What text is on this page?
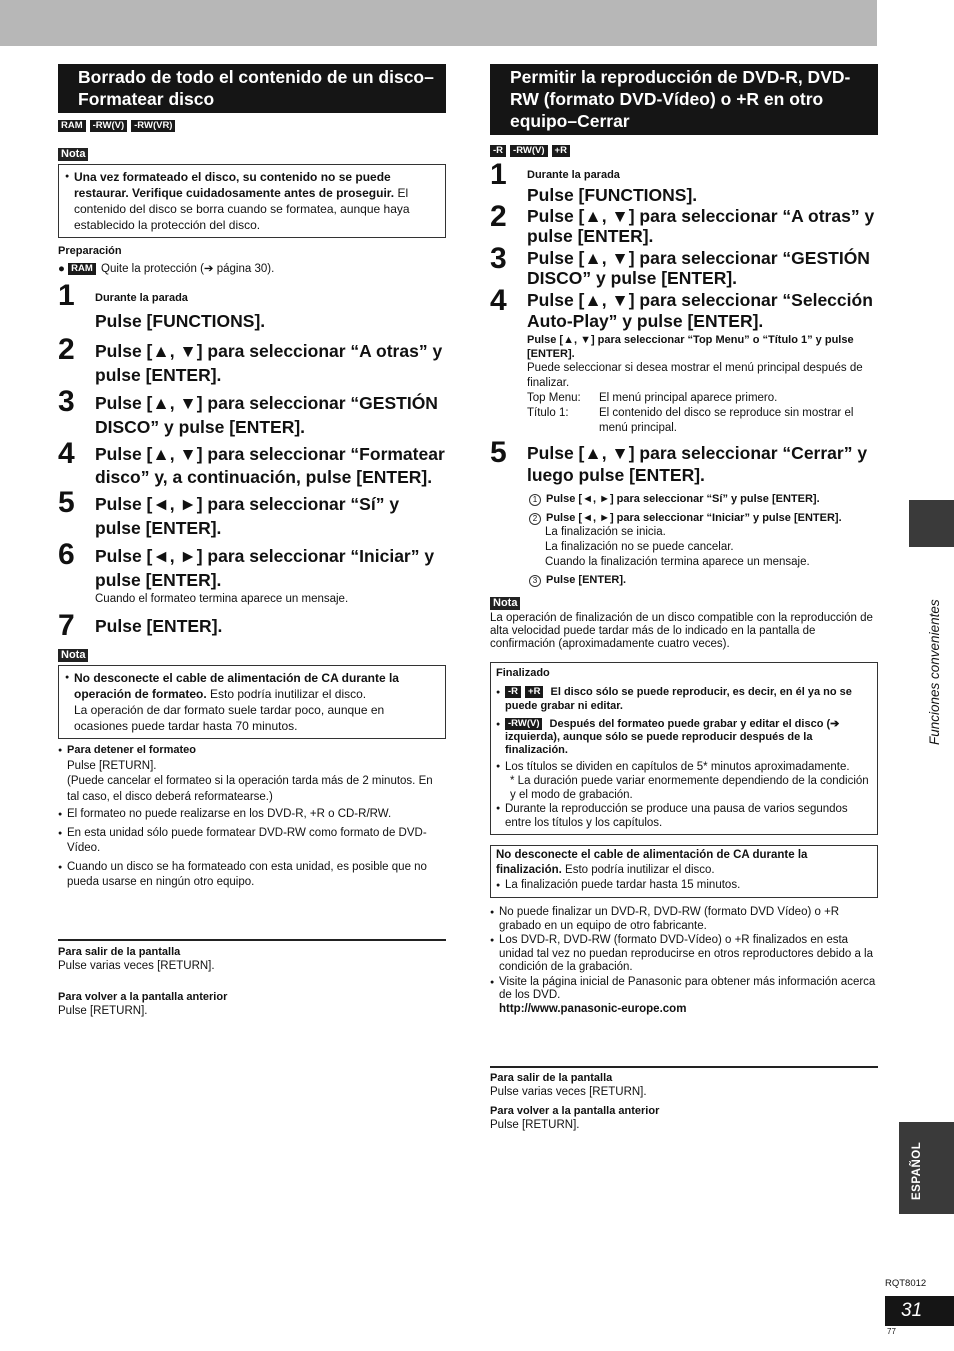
Borrado de todo el contenido de un disco–Formatear disco
RAM -RW(V) -RW(VR)
Nota
● Una vez formateado el disco, su contenido no se puede restaurar. Verifique cuidadosamente antes de proseguir. El contenido del disco se borra cuando se formatea, aunque haya establecido la protección del disco.
Preparación
● RAM Quite la protección (➔ página 30).
1 Durante la parada
Pulse [FUNCTIONS].
2 Pulse [▲, ▼] para seleccionar “A otras” y pulse [ENTER].
3 Pulse [▲, ▼] para seleccionar “GESTIÓN DISCO” y pulse [ENTER].
4 Pulse [▲, ▼] para seleccionar “Formatear disco” y, a continuación, pulse [ENTER].
5 Pulse [◄, ►] para seleccionar “Sí” y pulse [ENTER].
6 Pulse [◄, ►] para seleccionar “Iniciar” y pulse [ENTER].
Cuando el formateo termina aparece un mensaje.
7 Pulse [ENTER].
Nota
● No desconecte el cable de alimentación de CA durante la operación de formateo. Esto podría inutilizar el disco.
La operación de dar formato suele tardar poco, aunque en ocasiones puede tardar hasta 70 minutos.
● Para detener el formateo
Pulse [RETURN].
(Puede cancelar el formateo si la operación tarda más de 2 minutos. En tal caso, el disco deberá reformatearse.)
● El formateo no puede realizarse en los DVD-R, +R o CD-R/RW.
● En esta unidad sólo puede formatear DVD-RW como formato de DVD-Vídeo.
● Cuando un disco se ha formateado con esta unidad, es posible que no pueda usarse en ningún otro equipo.
Para salir de la pantalla
Pulse varias veces [RETURN].
Para volver a la pantalla anterior
Pulse [RETURN].
Permitir la reproducción de DVD-R, DVD-RW (formato DVD-Vídeo) o +R en otro equipo–Cerrar
-R -RW(V) +R
1 Durante la parada
Pulse [FUNCTIONS].
2 Pulse [▲, ▼] para seleccionar “A otras” y pulse [ENTER].
3 Pulse [▲, ▼] para seleccionar “GESTIÓN DISCO” y pulse [ENTER].
4 Pulse [▲, ▼] para seleccionar “Selección Auto-Play” y pulse [ENTER].
Pulse [▲, ▼] para seleccionar “Top Menu” o “Título 1” y pulse [ENTER].
Puede seleccionar si desea mostrar el menú principal después de finalizar.
Top Menu: El menú principal aparece primero.
Título 1:	El contenido del disco se reproduce sin mostrar el menú principal.
5 Pulse [▲, ▼] para seleccionar “Cerrar” y luego pulse [ENTER].
1 Pulse [◄, ►] para seleccionar “Sí” y pulse [ENTER].
2 Pulse [◄, ►] para seleccionar “Iniciar” y pulse [ENTER].
La finalización se inicia.
La finalización no se puede cancelar.
Cuando la finalización termina aparece un mensaje.
3 Pulse [ENTER].
Nota
La operación de finalización de un disco compatible con la reproducción de alta velocidad puede tardar más de lo indicado en la pantalla de confirmación (aproximadamente cuatro veces).
Finalizado
● -R +R El disco sólo se puede reproducir, es decir, en él ya no se puede grabar ni editar.
● -RW(V) Después del formateo puede grabar y editar el disco (➔ izquierda), aunque sólo se puede reproducir después de la finalización.
● Los títulos se dividen en capítulos de 5* minutos aproximadamente.
* La duración puede variar enormemente dependiendo de la condición y el modo de grabación.
● Durante la reproducción se produce una pausa de varios segundos entre los títulos y los capítulos.
No desconecte el cable de alimentación de CA durante la finalización. Esto podría inutilizar el disco.
● La finalización puede tardar hasta 15 minutos.
● No puede finalizar un DVD-R, DVD-RW (formato DVD Vídeo) o +R grabado en un equipo de otro fabricante.
● Los DVD-R, DVD-RW (formato DVD-Vídeo) o +R finalizados en esta unidad tal vez no puedan reproducirse en otros reproductores debido a la condición de la grabación.
● Visite la página inicial de Panasonic para obtener más información acerca de los DVD.
http://www.panasonic-europe.com
Para salir de la pantalla
Pulse varias veces [RETURN].
Para volver a la pantalla anterior
Pulse [RETURN].
Funciones convenientes
ESPAÑOL
RQT8012
31
77
